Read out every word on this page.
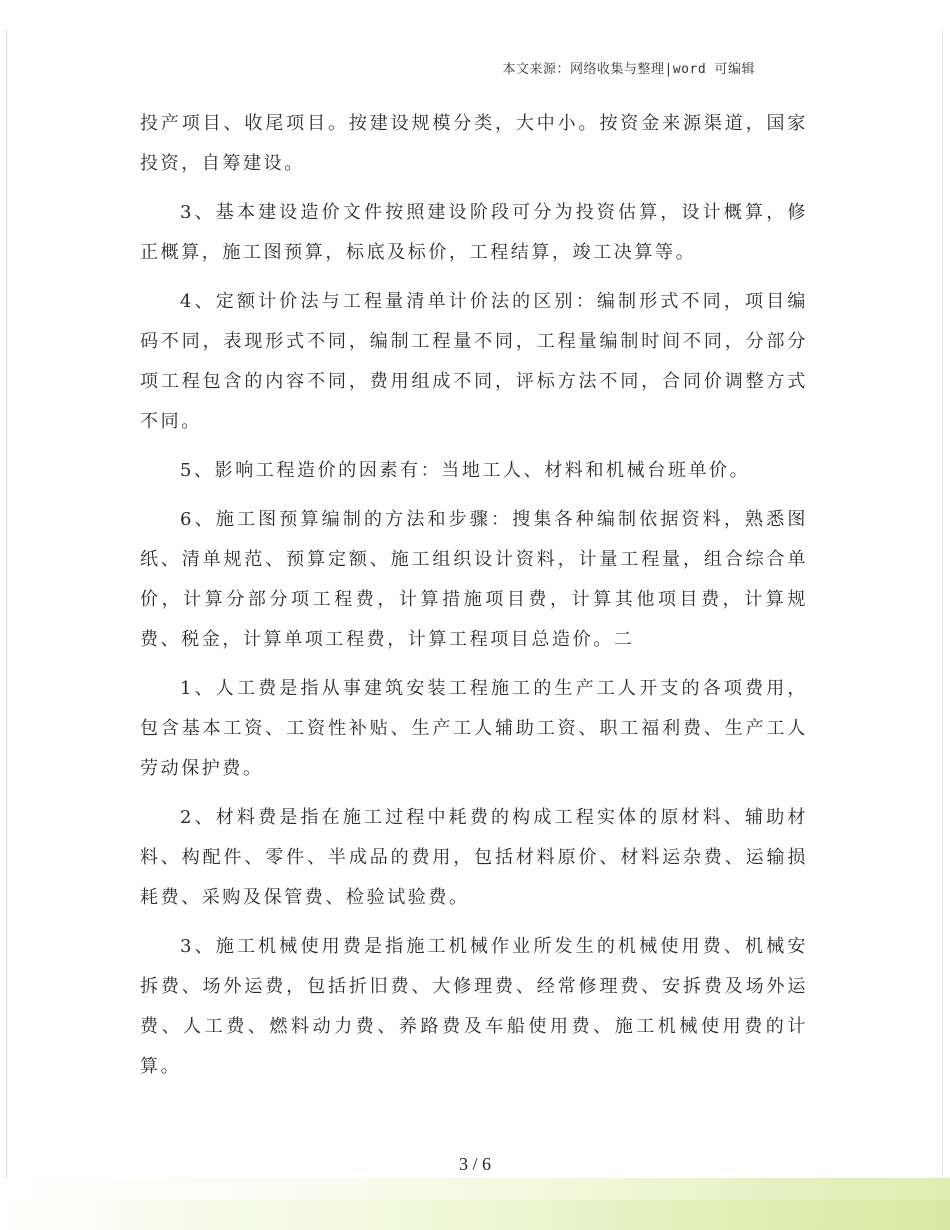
本文来源：网络收集与整理|word 可编辑

投产项目、收尾项目。按建设规模分类，大中小。按资金来源渠道，国家投资，自筹建设。

3、基本建设造价文件按照建设阶段可分为投资估算，设计概算，修正概算，施工图预算，标底及标价，工程结算，竣工决算等。

4、定额计价法与工程量清单计价法的区别：编制形式不同，项目编码不同，表现形式不同，编制工程量不同，工程量编制时间不同，分部分项工程包含的内容不同，费用组成不同，评标方法不同，合同价调整方式不同。

5、影响工程造价的因素有：当地工人、材料和机械台班单价。

6、施工图预算编制的方法和步骤：搜集各种编制依据资料，熟悉图纸、清单规范、预算定额、施工组织设计资料，计量工程量，组合综合单价，计算分部分项工程费，计算措施项目费，计算其他项目费，计算规费、税金，计算单项工程费，计算工程项目总造价。二

1、人工费是指从事建筑安装工程施工的生产工人开支的各项费用，包含基本工资、工资性补贴、生产工人辅助工资、职工福利费、生产工人劳动保护费。

2、材料费是指在施工过程中耗费的构成工程实体的原材料、辅助材料、构配件、零件、半成品的费用，包括材料原价、材料运杂费、运输损耗费、采购及保管费、检验试验费。

3、施工机械使用费是指施工机械作业所发生的机械使用费、机械安拆费、场外运费，包括折旧费、大修理费、经常修理费、安拆费及场外运费、人工费、燃料动力费、养路费及车船使用费、施工机械使用费的计算。

3 / 6
